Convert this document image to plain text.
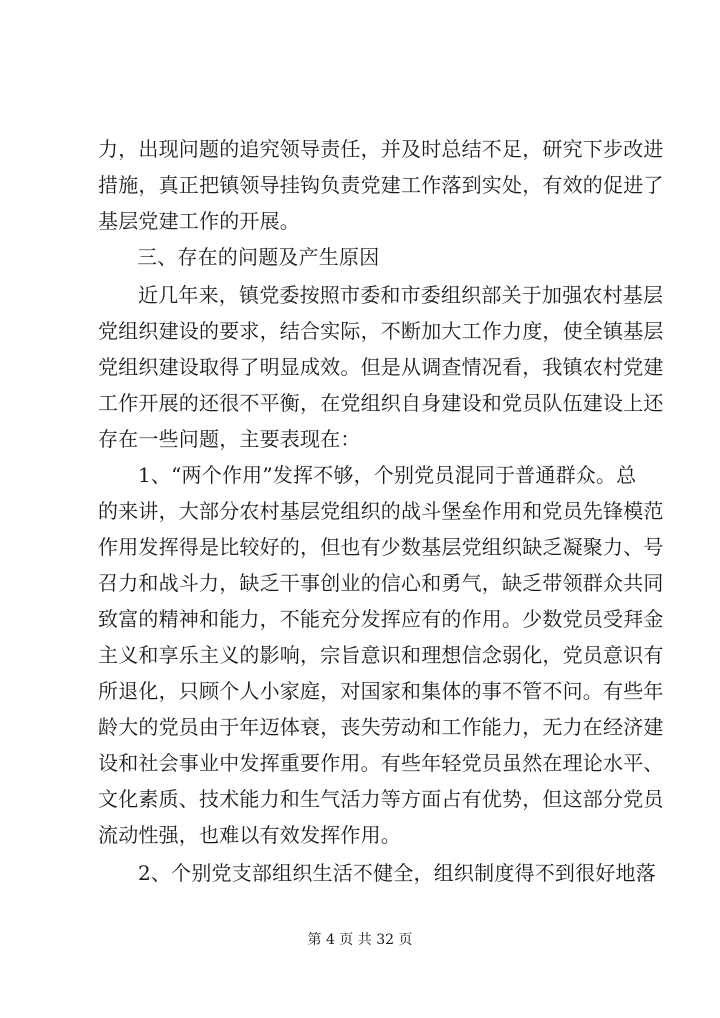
力，出现问题的追究领导责任，并及时总结不足，研究下步改进
措施，真正把镇领导挂钩负责党建工作落到实处，有效的促进了
基层党建工作的开展。
三、存在的问题及产生原因
近几年来，镇党委按照市委和市委组织部关于加强农村基层
党组织建设的要求，结合实际，不断加大工作力度，使全镇基层
党组织建设取得了明显成效。但是从调查情况看，我镇农村党建
工作开展的还很不平衡，在党组织自身建设和党员队伍建设上还
存在一些问题，主要表现在：
1、“两个作用”发挥不够，个别党员混同于普通群众。总
的来讲，大部分农村基层党组织的战斗堡垒作用和党员先锋模范
作用发挥得是比较好的，但也有少数基层党组织缺乏凝聚力、号
召力和战斗力，缺乏干事创业的信心和勇气，缺乏带领群众共同
致富的精神和能力，不能充分发挥应有的作用。少数党员受拜金
主义和享乐主义的影响，宗旨意识和理想信念弱化，党员意识有
所退化，只顾个人小家庭，对国家和集体的事不管不问。有些年
龄大的党员由于年迈体衰，丧失劳动和工作能力，无力在经济建
设和社会事业中发挥重要作用。有些年轻党员虽然在理论水平、
文化素质、技术能力和生气活力等方面占有优势，但这部分党员
流动性强，也难以有效发挥作用。
2、个别党支部组织生活不健全，组织制度得不到很好地落
第 4 页 共 32 页
